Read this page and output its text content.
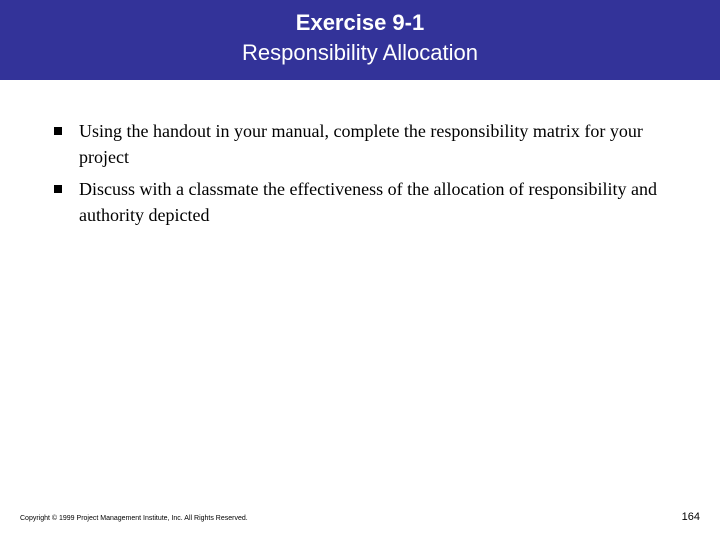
Exercise 9-1
Responsibility Allocation
Using the handout in your manual, complete the responsibility matrix for your project
Discuss with a classmate the effectiveness of the allocation of responsibility and authority depicted
Copyright © 1999 Project Management Institute, Inc. All Rights Reserved.	164
